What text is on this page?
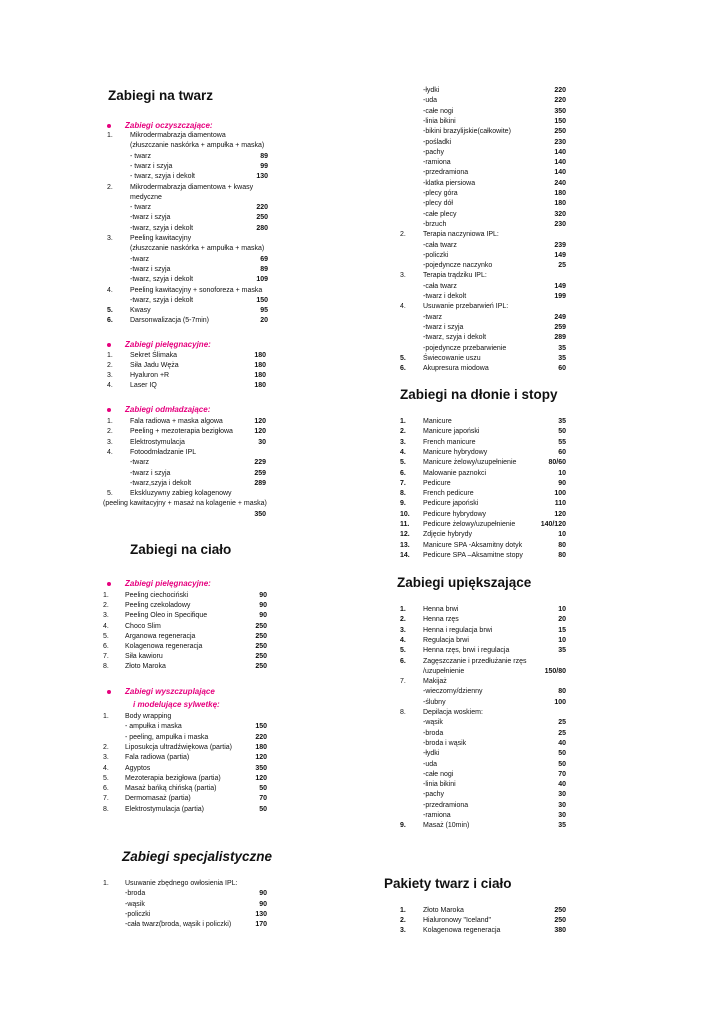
Zabiegi na twarz
Zabiegi na ciało
Zabiegi specjalistyczne
Zabiegi na dłonie i stopy
Zabiegi upiększające
Pakiety twarz i ciało
Zabiegi oczyszczające:
Zabiegi pielęgnacyjne:
Zabiegi odmładzające:
Zabiegi pielęgnacyjne:
Zabiegi wyszczuplające
i modelujące sylwetkę:
1. Mikrodermabrazja diamentowa
(złuszczanie naskórka + ampułka + maska)
- twarz	89
- twarz i szyja	99
- twarz, szyja i dekolt	130
2. Mikrodermabrazja diamentowa + kwasy
medyczne
- twarz	220
-twarz i szyja	250
-twarz, szyja i dekolt	280
3. Peeling kawitacyjny
(złuszczanie naskórka + ampułka + maska)
-twarz	69
-twarz i szyja	89
-twarz, szyja i dekolt	109
4. Peeling kawitacyjny + sonoforeza + maska
-twarz, szyja i dekolt	150
5. Kwasy	95
6. Darsonwalizacja (5-7min)	20
1. Sekret Ślimaka	180
2. Siła Jadu Węża	180
3. Hyaluron +R	180
4. Laser IQ	180
1. Fala radiowa + maska algowa	120
2. Peeling + mezoterapia bezigłowa	120
3. Elektrostymulacja	30
4. Fotoodmładzanie IPL
-twarz	229
-twarz i szyja	259
-twarz,szyja i dekolt	289
5. Ekskluzywny zabieg kolagenowy
(peeling kawitacyjny + masaż na kolagenie + maska)
350
1. Peeling ciechociński	90
2. Peeling czekoladowy	90
3. Peeling Oleo in Specifique	90
4. Choco Slim	250
5. Arganowa regeneracja	250
6. Kolagenowa regeneracja	250
7. Siła kawioru	250
8. Złoto Maroka	250
1. Body wrapping
- ampułka i maska	150
- peeling, ampułka i maska	220
2. Liposukcja ultradźwiękowa (partia)	180
3. Fala radiowa (partia)	120
4. Agyptos	350
5. Mezoterapia bezigłowa (partia)	120
6. Masaż bańką chińską (partia)	50
7. Dermomasaż (partia)	70
8. Elektrostymulacja (partia)	50
1. Usuwanie zbędnego owłosienia IPL:
-broda	90
-wąsik	90
-policzki	130
-cała twarz(broda, wąsik i policzki)	170
-łydki	220
-uda	220
-całe nogi	350
-linia bikini	150
-bikini brazylijskie(całkowite)	250
-pośladki	230
-pachy	140
-ramiona	140
-przedramiona	140
-klatka piersiowa	240
-plecy góra	180
-plecy dół	180
-całe plecy	320
-brzuch	230
2. Terapia naczyniowa IPL:
-cała twarz	239
-policzki	149
-pojedyncze naczynko	25
3. Terapia trądziku IPL:
-cała twarz	149
-twarz i dekolt	199
4. Usuwanie przebarwień IPL:
-twarz	249
-twarz i szyja	259
-twarz, szyja i dekolt	289
-pojedyncze przebarwienie	35
5. Świecowanie uszu	35
6. Akupresura miodowa	60
1. Manicure	35
2. Manicure japoński	50
3. French manicure	55
4. Manicure hybrydowy	60
5. Manicure żelowy/uzupełnienie	80/60
6. Malowanie paznokci	10
7. Pedicure	90
8. French pedicure	100
9. Pedicure japoński	110
10. Pedicure hybrydowy	120
11. Pedicure żelowy/uzupełnienie	140/120
12. Zdjęcie hybrydy	10
13. Manicure SPA -Aksamitny dotyk	80
14. Pedicure SPA –Aksamitne stopy	80
1. Henna brwi	10
2. Henna rzęs	20
3. Henna i regulacja brwi	15
4. Regulacja brwi	10
5. Henna rzęs, brwi i regulacja	35
6. Zagęszczanie i przedłużanie rzęs
/uzupełnienie	150/80
7. Makijaż
-wieczorny/dzienny	80
-ślubny	100
8. Depilacja woskiem:
-wąsik	25
-broda	25
-broda i wąsik	40
-łydki	50
-uda	50
-całe nogi	70
-linia bikini	40
-pachy	30
-przedramiona	30
-ramiona	30
9. Masaż (10min)	35
1. Złoto Maroka	250
2. Hialuronowy "Iceland"	250
3. Kolagenowa regeneracja	380
